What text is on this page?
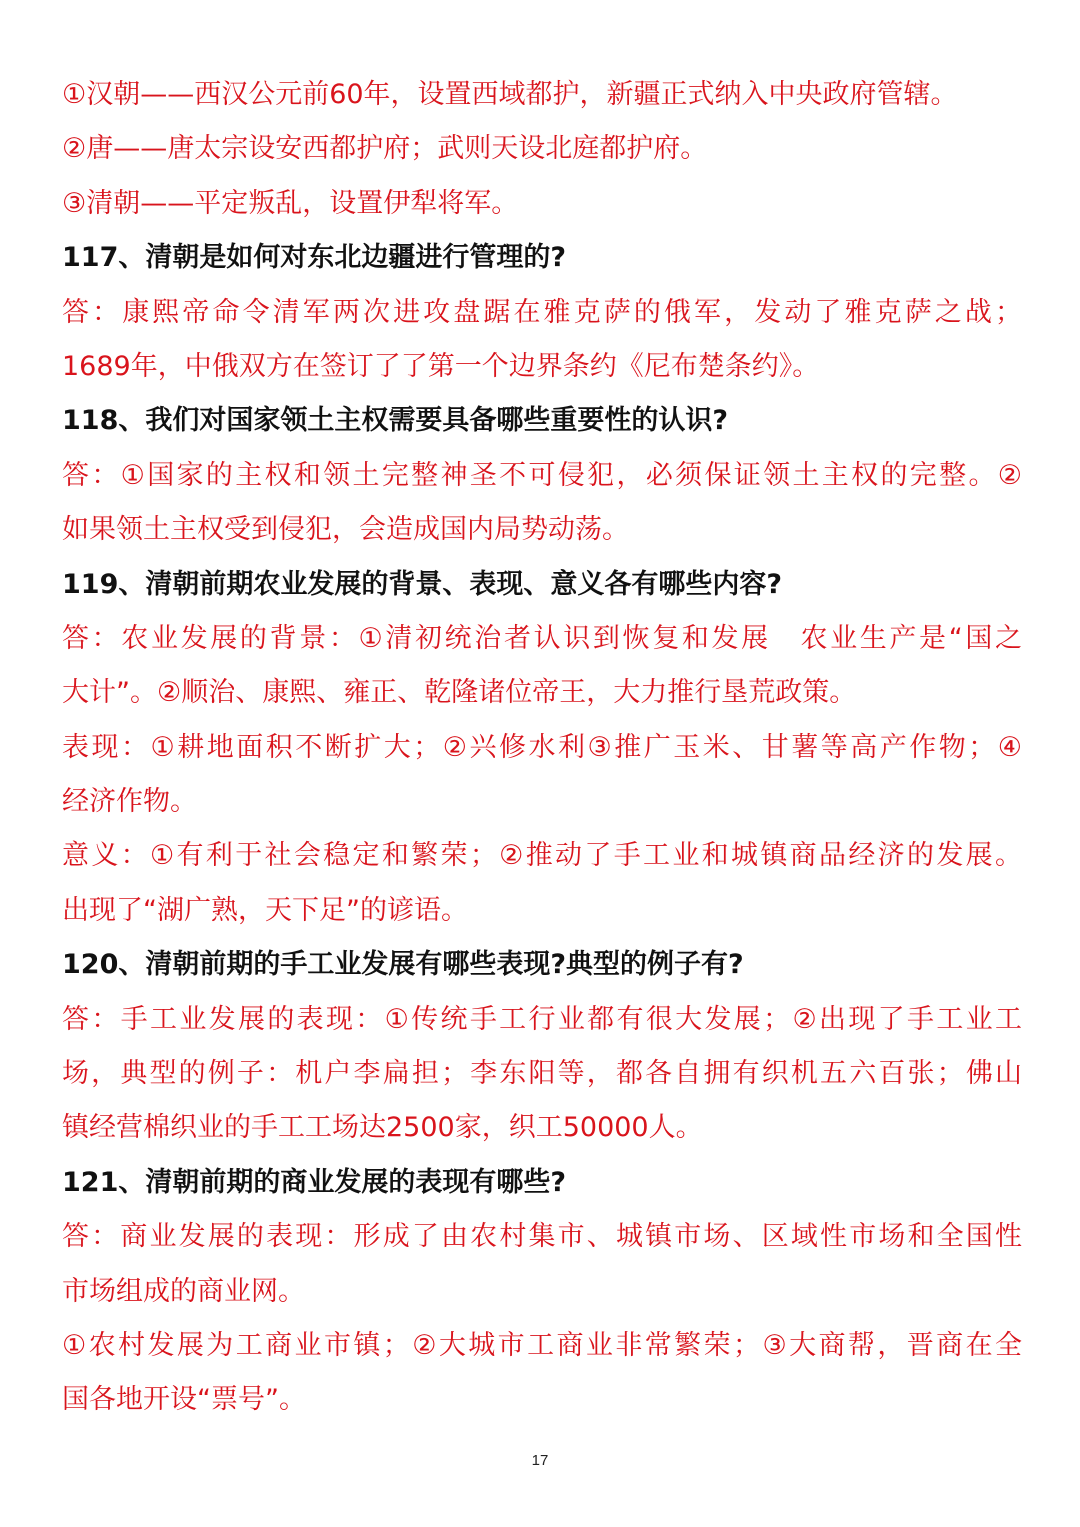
①汉朝——西汉公元前60年，设置西域都护，新疆正式纳入中央政府管辖。
②唐——唐太宗设安西都护府；武则天设北庭都护府。
③清朝——平定叛乱，设置伊犁将军。
117、清朝是如何对东北边疆进行管理的?
答：康熙帝命令清军两次进攻盘踞在雅克萨的俄军，发动了雅克萨之战；
1689年，中俄双方在签订了了第一个边界条约《尼布楚条约》。
118、我们对国家领土主权需要具备哪些重要性的认识?
答：①国家的主权和领土完整神圣不可侵犯，必须保证领土主权的完整。②
如果领土主权受到侵犯，会造成国内局势动荡。
119、清朝前期农业发展的背景、表现、意义各有哪些内容?
答：农业发展的背景：①清初统治者认识到恢复和发展　农业生产是“国之
大计”。②顺治、康熙、雍正、乾隆诸位帝王，大力推行垦荒政策。
表现：①耕地面积不断扩大；②兴修水利③推广玉米、甘薯等高产作物；④
经济作物。
意义：①有利于社会稳定和繁荣；②推动了手工业和城镇商品经济的发展。
出现了“湖广熟，天下足”的谚语。
120、清朝前期的手工业发展有哪些表现?典型的例子有?
答：手工业发展的表现：①传统手工行业都有很大发展；②出现了手工业工
场，典型的例子：机户李扁担；李东阳等，都各自拥有织机五六百张；佛山
镇经营棉织业的手工工场达2500家，织工50000人。
121、清朝前期的商业发展的表现有哪些?
答：商业发展的表现：形成了由农村集市、城镇市场、区域性市场和全国性
市场组成的商业网。
①农村发展为工商业市镇；②大城市工商业非常繁荣；③大商帮，晋商在全
国各地开设“票号”。
17
